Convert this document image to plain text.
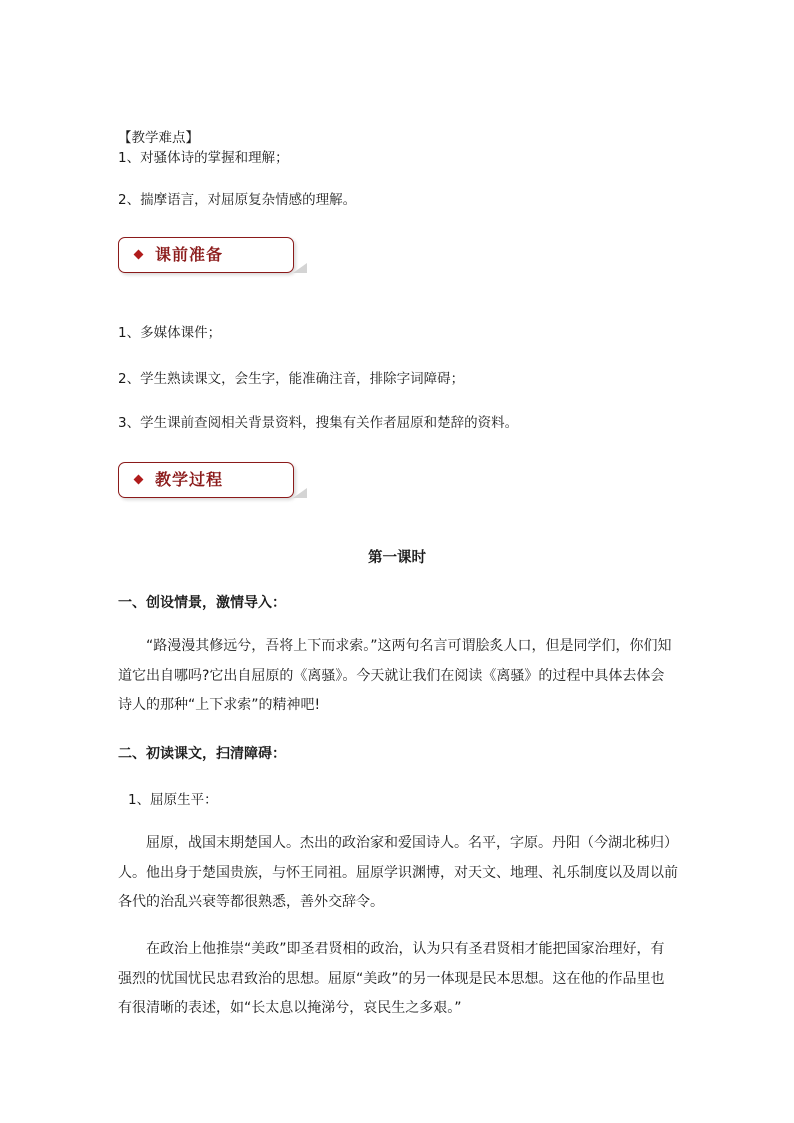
【教学难点】
1、对骚体诗的掌握和理解；
2、揣摩语言，对屈原复杂情感的理解。
课前准备
1、多媒体课件；
2、学生熟读课文，会生字，能准确注音，排除字词障碍；
3、学生课前查阅相关背景资料，搜集有关作者屈原和楚辞的资料。
教学过程
第一课时
一、创设情景，激情导入：
“路漫漫其修远兮，吾将上下而求索。”这两句名言可谓脍炙人口，但是同学们，你们知道它出自哪吗?它出自屈原的《离骚》。今天就让我们在阅读《离骚》的过程中具体去体会诗人的那种“上下求索”的精神吧!
二、初读课文，扫清障碍：
1、屈原生平：
屈原，战国末期楚国人。杰出的政治家和爱国诗人。名平，字原。丹阳（今湖北秭归）人。他出身于楚国贵族，与怀王同祖。屈原学识渊博，对天文、地理、礼乐制度以及周以前各代的治乱兴衰等都很熟悉，善外交辞令。
在政治上他推崇“美政”即圣君贤相的政治，认为只有圣君贤相才能把国家治理好，有强烈的忧国忧民忠君致治的思想。屈原“美政”的另一体现是民本思想。这在他的作品里也有很清晰的表述，如“长太息以掩涕兮，哀民生之多艰。”
